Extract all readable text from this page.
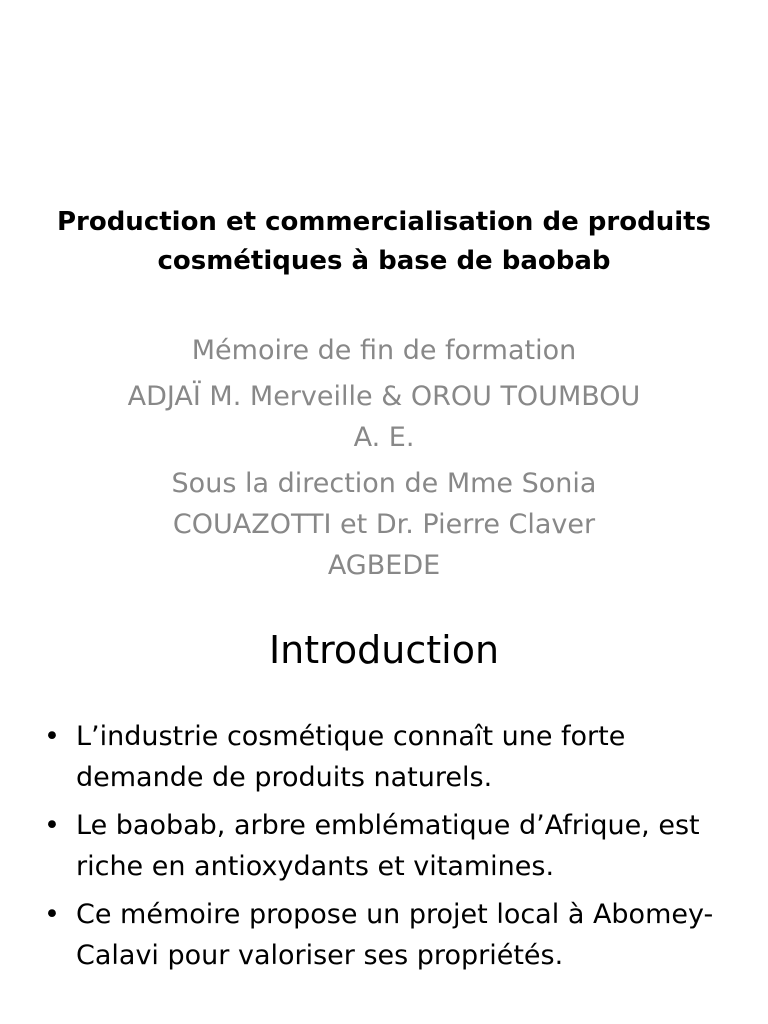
Production et commercialisation de produits cosmétiques à base de baobab

Mémoire de fin de formation

ADJAÏ M. Merveille & OROU TOUMBOU A. E.

Sous la direction de Mme Sonia COUAZOTTI et Dr. Pierre Claver AGBEDE

Introduction
• L’industrie cosmétique connaît une forte demande de produits naturels.
• Le baobab, arbre emblématique d’Afrique, est riche en antioxydants et vitamines.
• Ce mémoire propose un projet local à Abomey-Calavi pour valoriser ses propriétés.
